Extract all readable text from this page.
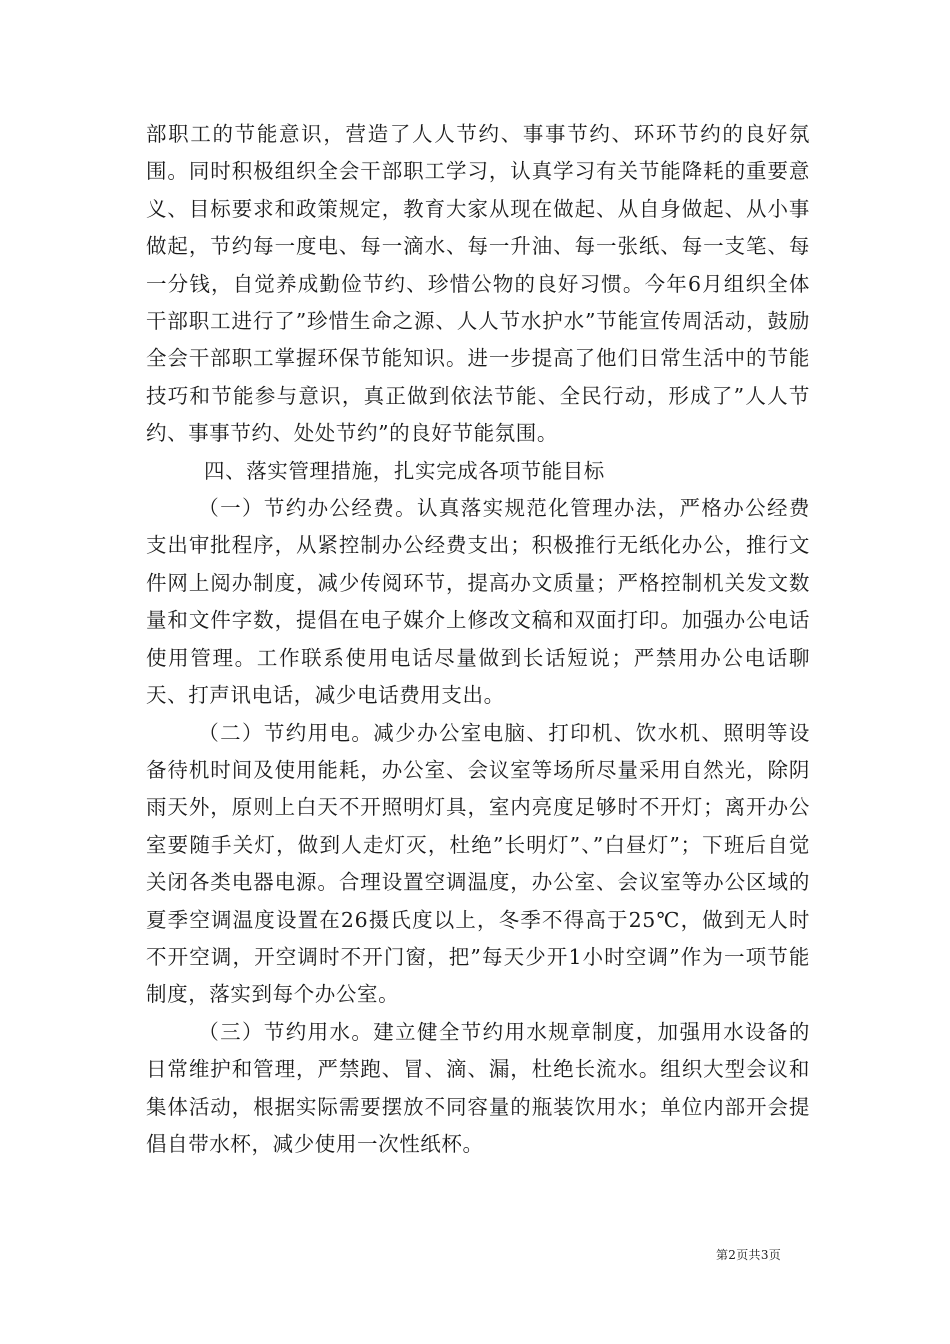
部职工的节能意识，营造了人人节约、事事节约、环环节约的良好氛围。同时积极组织全会干部职工学习，认真学习有关节能降耗的重要意义、目标要求和政策规定，教育大家从现在做起、从自身做起、从小事做起，节约每一度电、每一滴水、每一升油、每一张纸、每一支笔、每一分钱，自觉养成勤俭节约、珍惜公物的良好习惯。今年6月组织全体干部职工进行了”珍惜生命之源、人人节水护水”节能宣传周活动，鼓励全会干部职工掌握环保节能知识。进一步提高了他们日常生活中的节能技巧和节能参与意识，真正做到依法节能、全民行动，形成了”人人节约、事事节约、处处节约”的良好节能氛围。

四、落实管理措施，扎实完成各项节能目标

（一）节约办公经费。认真落实规范化管理办法，严格办公经费支出审批程序，从紧控制办公经费支出；积极推行无纸化办公，推行文件网上阅办制度，减少传阅环节，提高办文质量；严格控制机关发文数量和文件字数，提倡在电子媒介上修改文稿和双面打印。加强办公电话使用管理。工作联系使用电话尽量做到长话短说；严禁用办公电话聊天、打声讯电话，减少电话费用支出。

（二）节约用电。减少办公室电脑、打印机、饮水机、照明等设备待机时间及使用能耗，办公室、会议室等场所尽量采用自然光，除阴雨天外，原则上白天不开照明灯具，室内亮度足够时不开灯；离开办公室要随手关灯，做到人走灯灭，杜绝”长明灯”、”白昼灯”；下班后自觉关闭各类电器电源。合理设置空调温度，办公室、会议室等办公区域的夏季空调温度设置在26摄氏度以上，冬季不得高于25℃，做到无人时不开空调，开空调时不开门窗，把”每天少开1小时空调”作为一项节能制度，落实到每个办公室。

（三）节约用水。建立健全节约用水规章制度，加强用水设备的日常维护和管理，严禁跑、冒、滴、漏，杜绝长流水。组织大型会议和集体活动，根据实际需要摆放不同容量的瓶装饮用水；单位内部开会提倡自带水杯，减少使用一次性纸杯。

第2页共3页
